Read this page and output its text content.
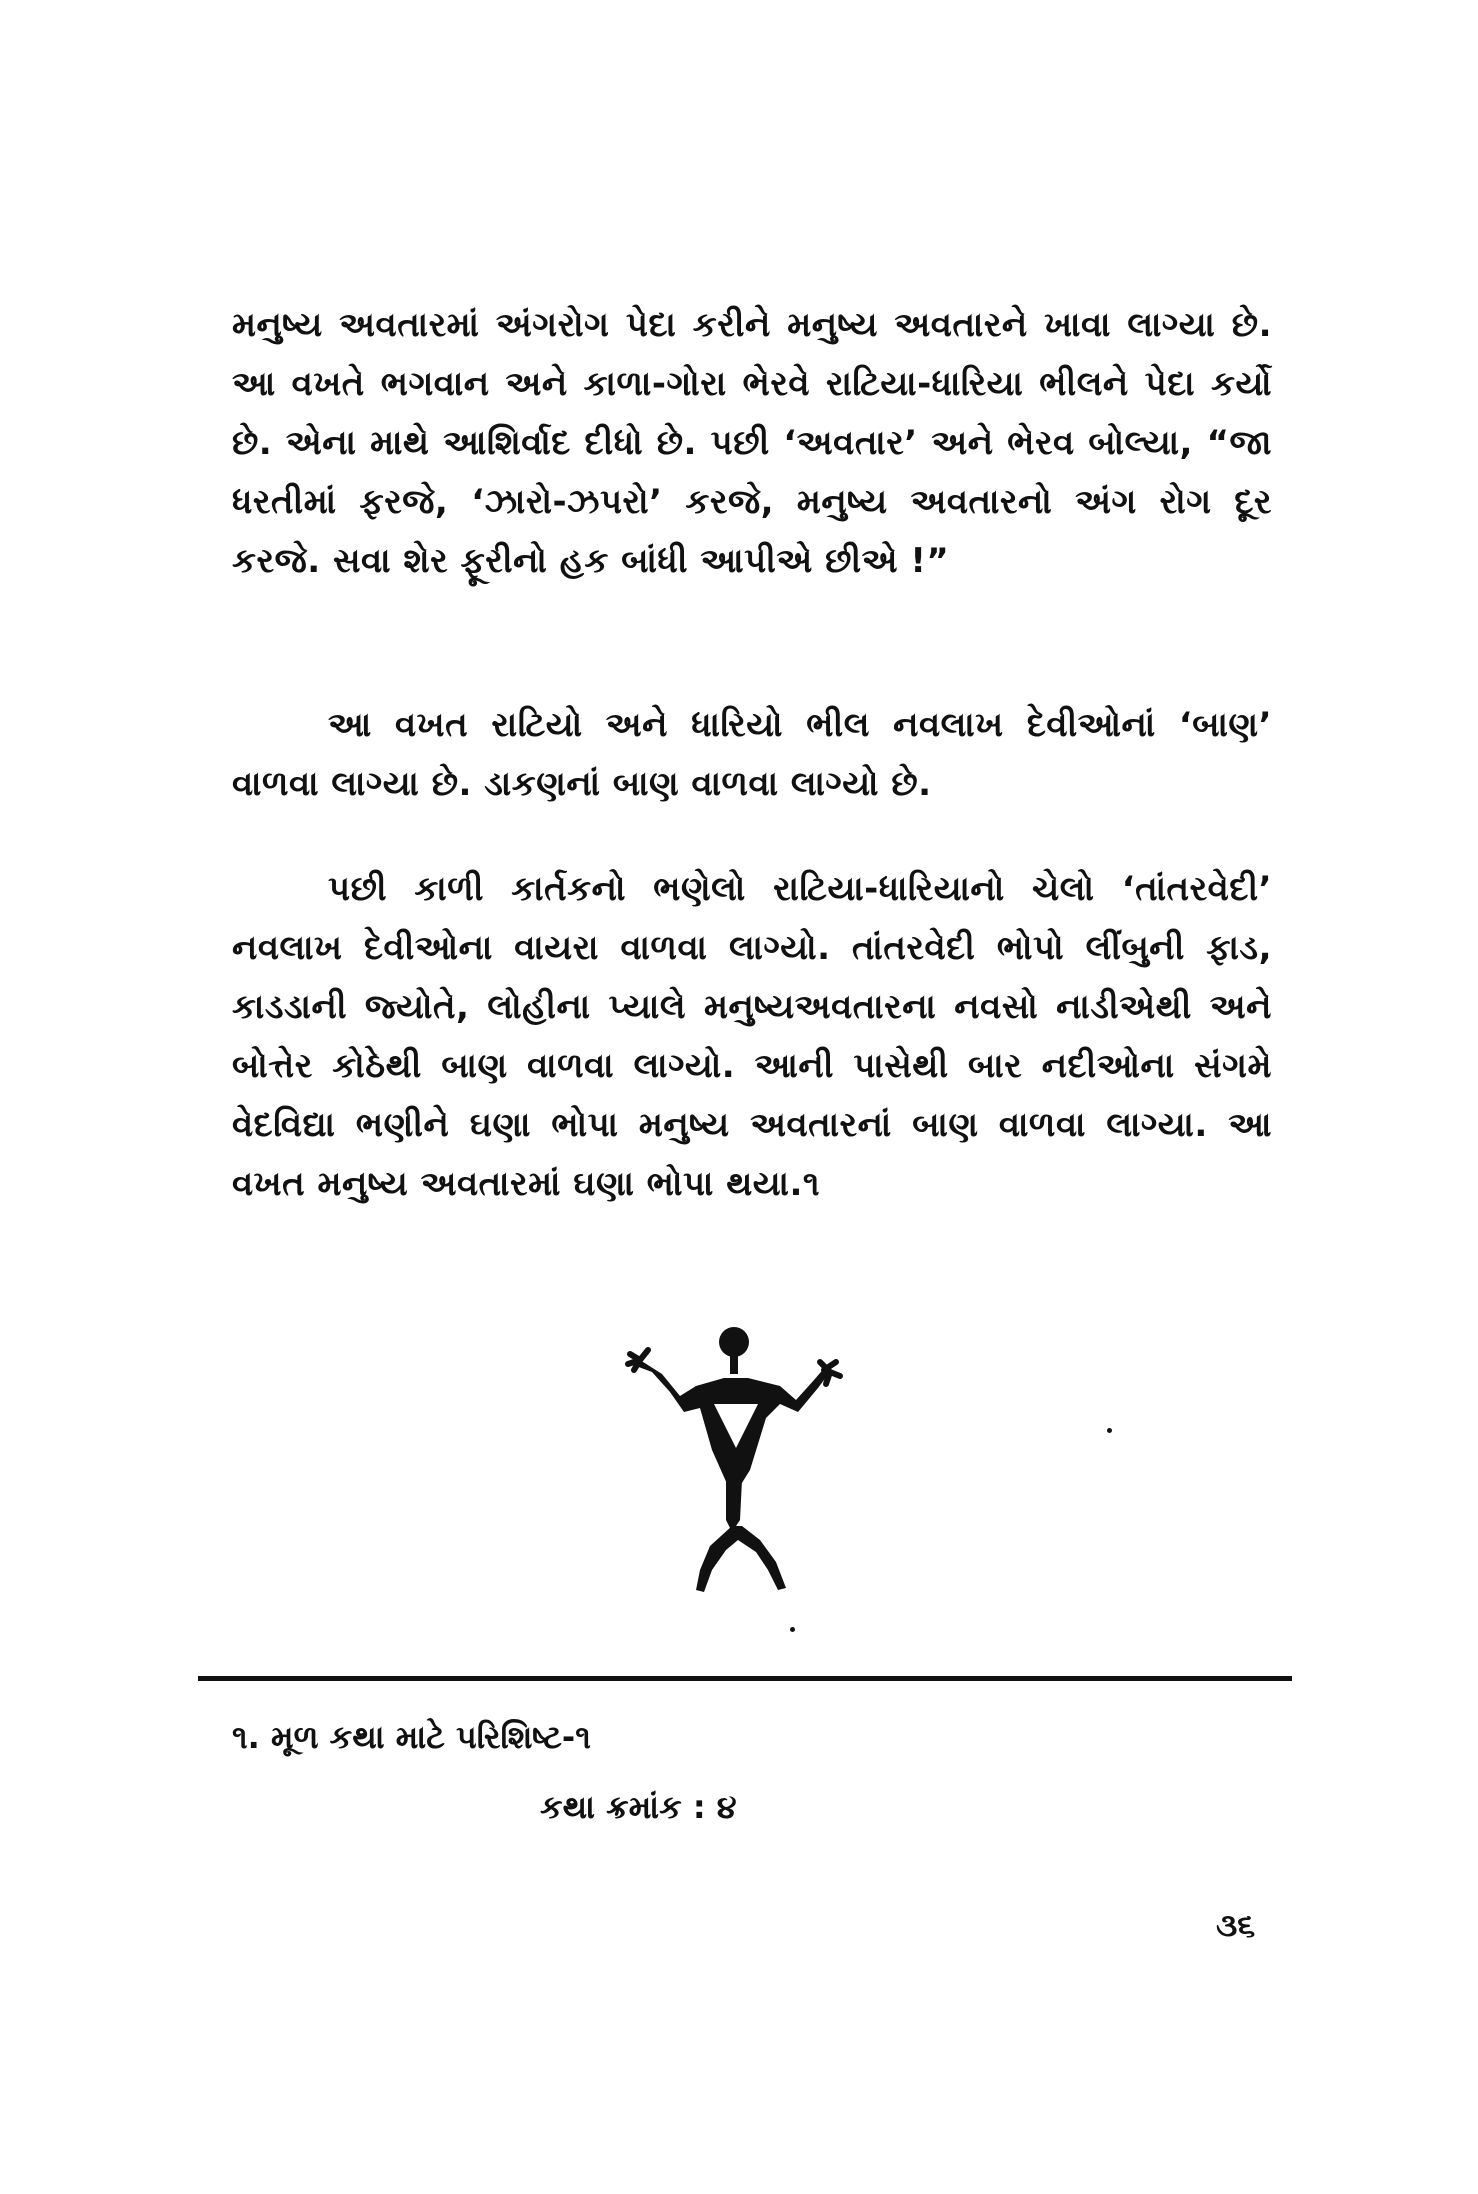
મનુષ્ય અવતારમાં અંગરોગ પેદા કરીને મનુષ્ય અવતારને ખાવા લાગ્યા છે. આ વખતે ભગવાન અને કાળા-ગોરા ભેરવે રાટિયા-ધારિયા ભીલને પેદા કર્યો છે. એના માથે આશિર્વાદ દીધો છે. પછી ‘અવતાર’ અને ભેરવ બોલ્યા, “જા ધરતીમાં ફરજે, ‘ઝારો-ઝપરો’ કરજે, મનુષ્ય અવતારનો અંગ રોગ દૂર કરજે. સવા શેર ફૂરીનો હક બાંધી આપીએ છીએ !”

આ વખત રાટિયો અને ધારિયો ભીલ નવલાખ દેવીઓનાં ‘બાણ’ વાળવા લાગ્યા છે. ડાકણનાં બાણ વાળવા લાગ્યો છે.

પછી કાળી કાર્તકનો ભણેલો રાટિયા-ધારિયાનો ચેલો ‘તાંતરવેદી’ નવલાખ દેવીઓના વાયરા વાળવા લાગ્યો. તાંતરવેદી ભોપો લીંબુની ફાડ, કાડડાની જ્યોતે, લોહીના પ્યાલે મનુષ્યઅવતારના નવસો નાડીએથી અને બોત્તેર કોઠેથી બાણ વાળવા લાગ્યો. આની પાસેથી બાર નદીઓના સંગમે વેદવિદ્યા ભણીને ઘણા ભોપા મનુષ્ય અવતારનાં બાણ વાળવા લાગ્યા. આ વખત મનુષ્ય અવતારમાં ઘણા ભોપા થયા.૧

૧. મૂળ કથા માટે પરિશિષ્ટ-૧
કથા ક્રમાંક : ૪
૩૬
